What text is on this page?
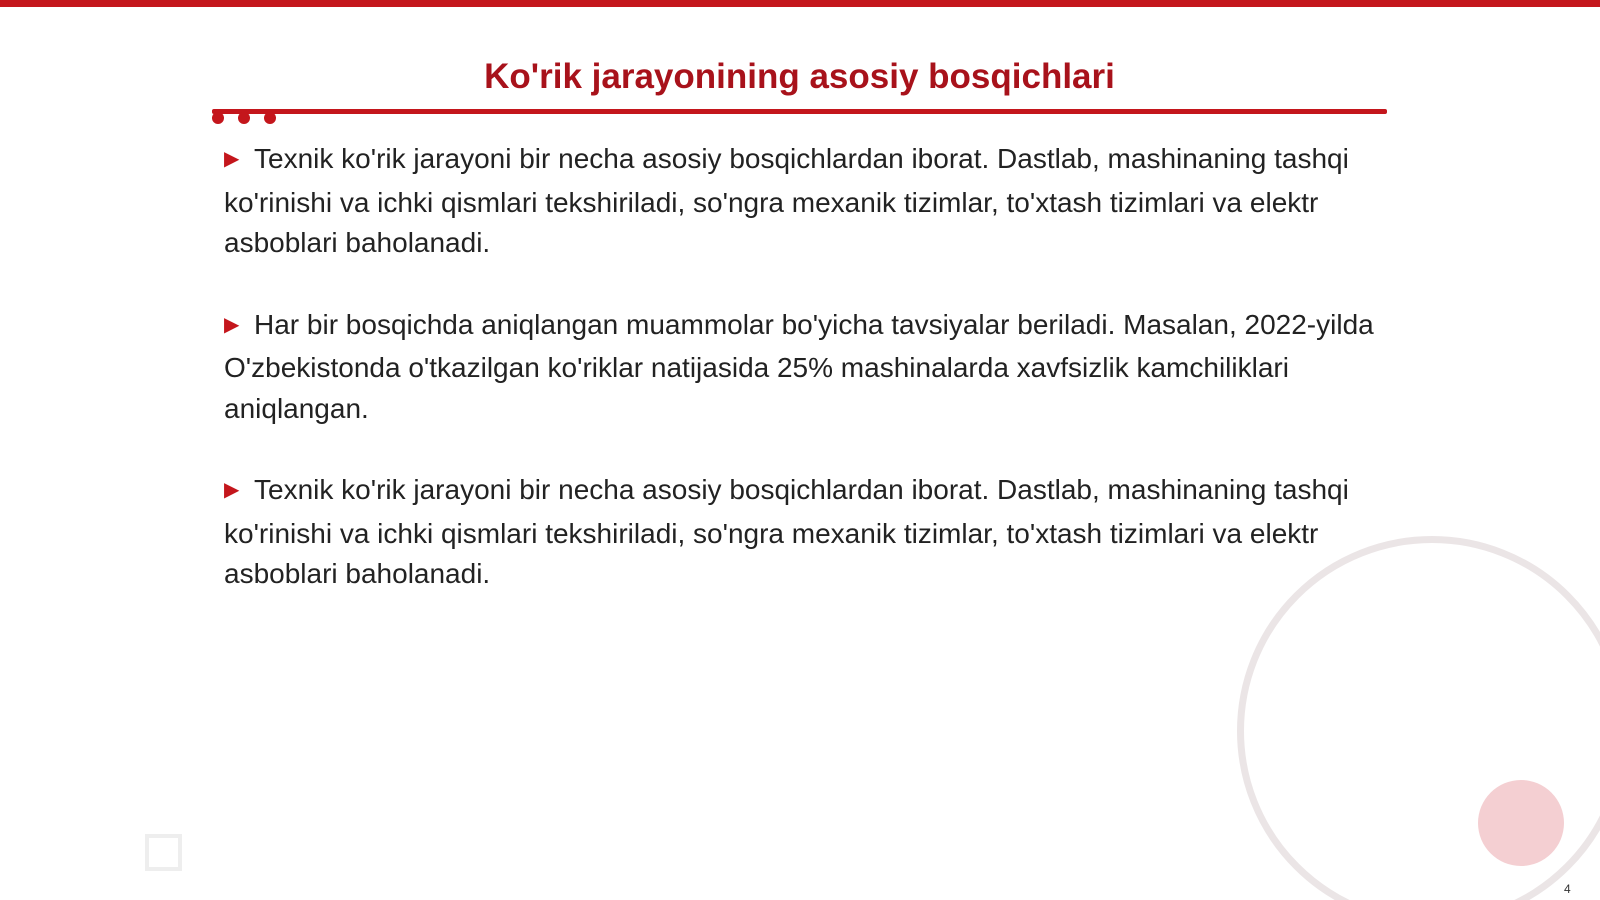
Ko'rik jarayonining asosiy bosqichlari

▶ Texnik ko'rik jarayoni bir necha asosiy bosqichlardan iborat. Dastlab, mashinaning tashqi ko'rinishi va ichki qismlari tekshiriladi, so'ngra mexanik tizimlar, to'xtash tizimlari va elektr asboblari baholanadi.

▶ Har bir bosqichda aniqlangan muammolar bo'yicha tavsiyalar beriladi. Masalan, 2022-yilda O'zbekistonda o'tkazilgan ko'riklar natijasida 25% mashinalarda xavfsizlik kamchiliklari aniqlangan.

▶ Texnik ko'rik jarayoni bir necha asosiy bosqichlardan iborat. Dastlab, mashinaning tashqi ko'rinishi va ichki qismlari tekshiriladi, so'ngra mexanik tizimlar, to'xtash tizimlari va elektr asboblari baholanadi.

4
